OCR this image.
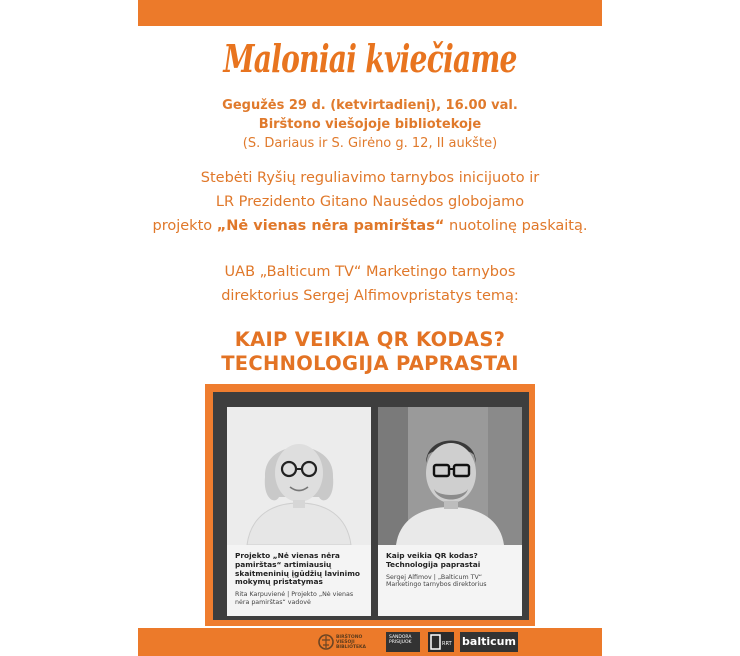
Maloniai kviečiame
Gegužės 29 d. (ketvirtadienį), 16.00 val.
Birštono viešojoje bibliotekoje
(S. Dariaus ir S. Girėno g. 12, II aukšte)
Stebėti Ryšių reguliavimo tarnybos inicijuoto ir
LR Prezidento Gitano Nausėdos globojamo
projekto „Nė vienas nėra pamirštas“ nuotolinę paskaitą.
UAB „Balticum TV“ Marketingo tarnybos
direktorius Sergej Alfimovpristatys temą:
KAIP VEIKIA QR KODAS?
TECHNOLOGIJA PAPRASTAI
Projekto „Nė vienas nėra pamirštas“ artimiausių skaitmeninių įgūdžių lavinimo mokymų pristatymas
Rita Karpuvienė | Projekto „Nė vienas nėra pamirštas“ vadovė
Kaip veikia QR kodas? Technologija paprastai
Sergej Alfimov | „Balticum TV“ Marketingo tarnybos direktorius
BIRŠTONO VIEŠOJI BIBLIOTEKA
SANDORA PRISIJUOK	RRT balticum
